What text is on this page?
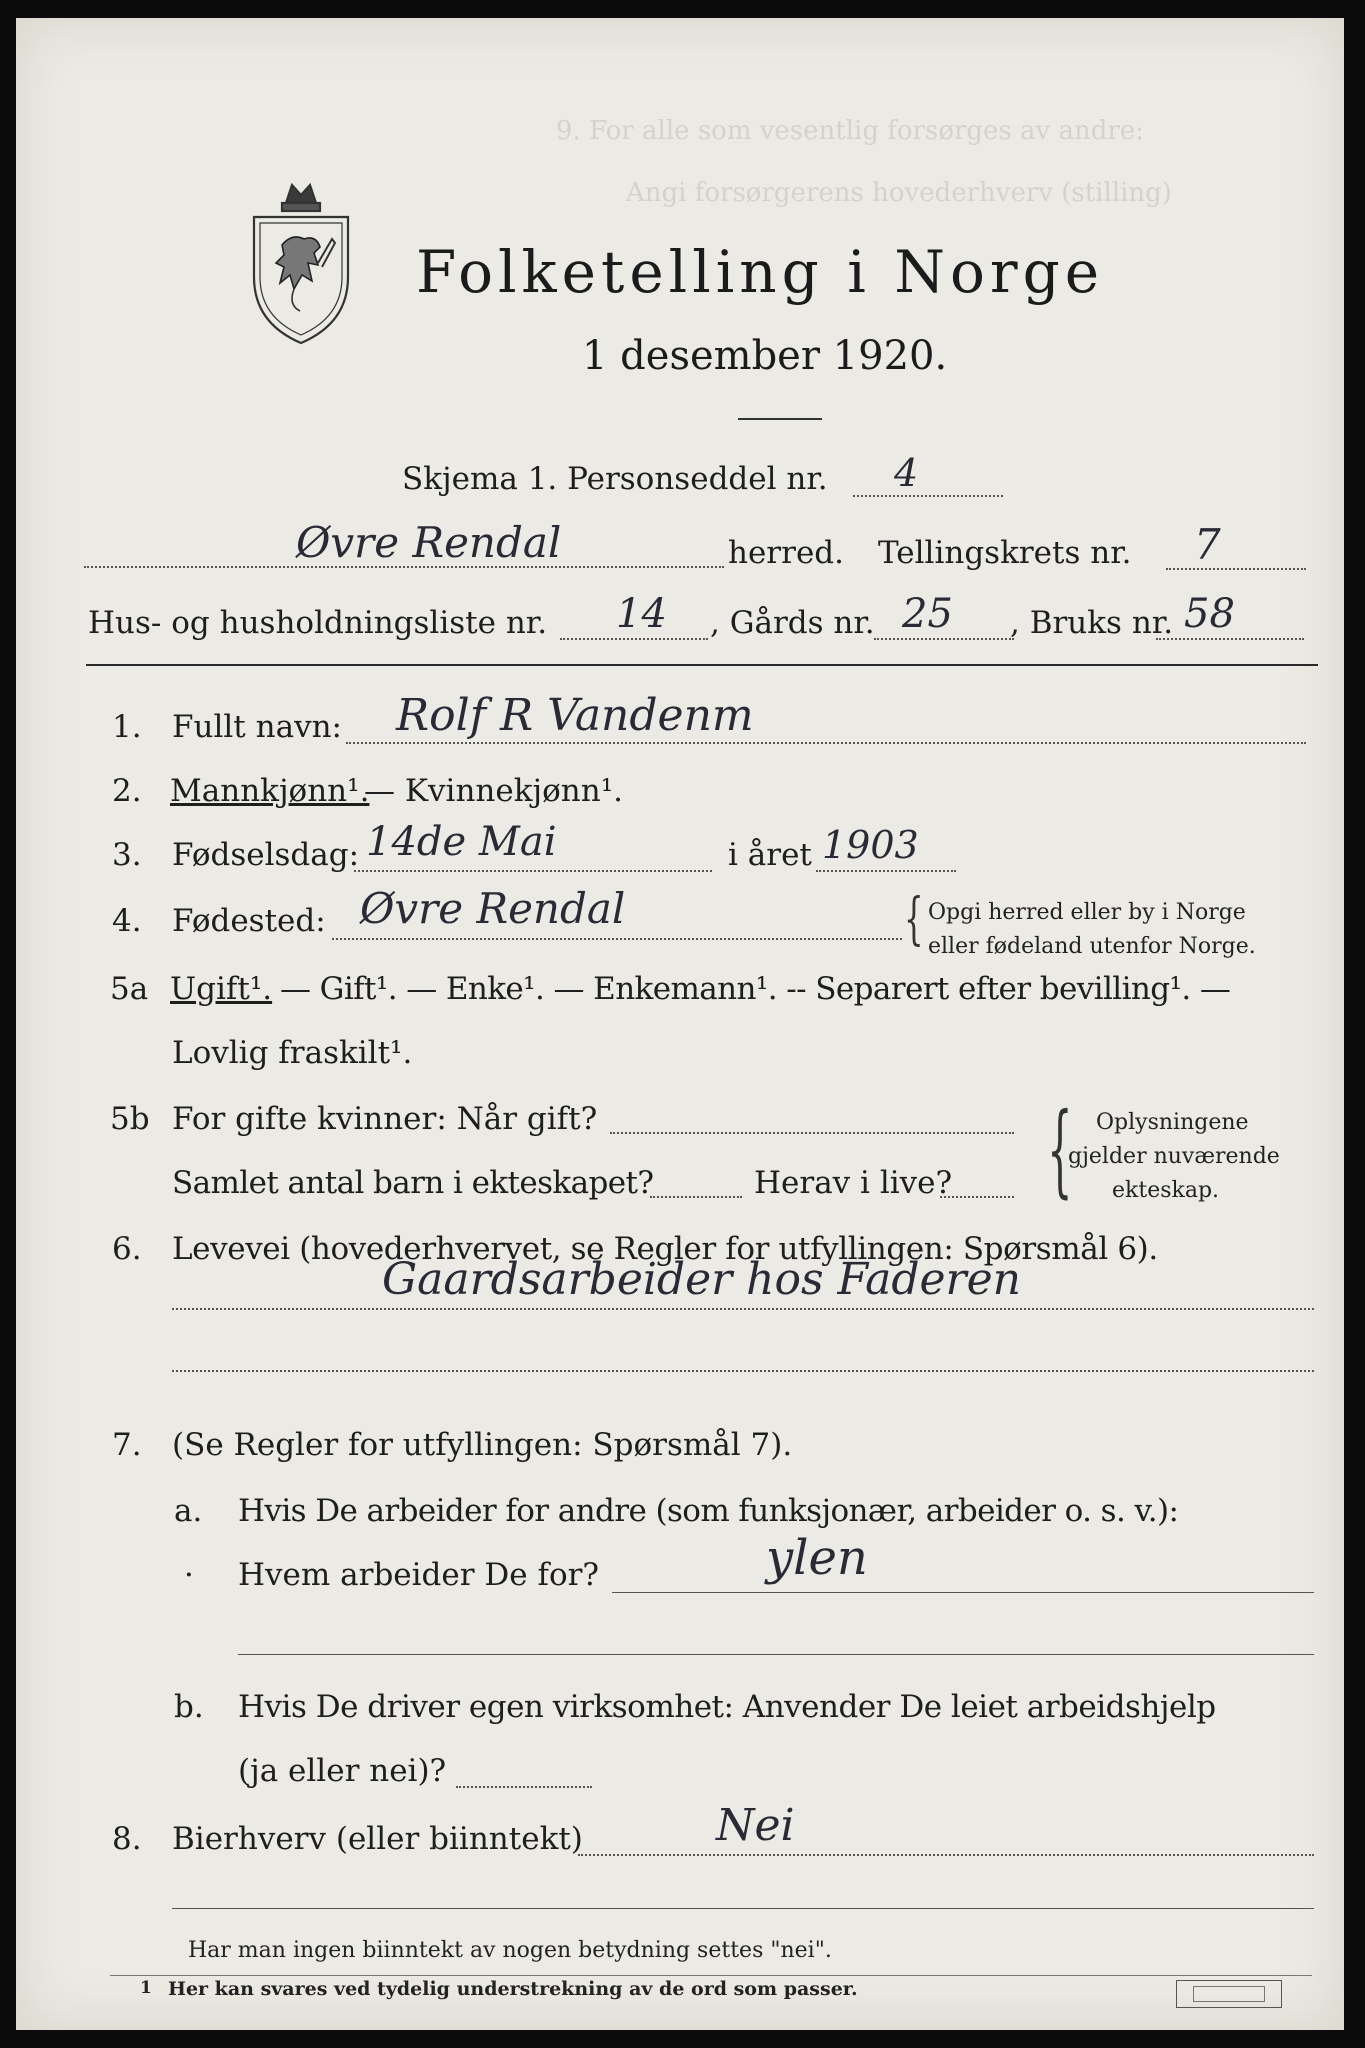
9. For alle som vesentlig forsørges av andre:
Angi forsørgerens hovederhverv (stilling)
Folketelling i Norge
1 desember 1920.
Skjema 1. Personseddel nr. 4
Øvre Rendal	herred. Tellingskrets nr. 7
Hus- og husholdningsliste nr. 14 , Gårds nr. 25 , Bruks nr. 58
1. Fullt navn: Rolf R Vandenm
2. Mannkjønn¹.
— Kvinnekjønn¹.
3. Fødselsdag: 14de Mai	i året 1903
4. Fødested: Øvre Rendal	{ Opgi herred eller by i Norge
eller fødeland utenfor Norge.
5a Ugift¹. — Gift¹. — Enke¹. — Enkemann¹. -- Separert efter bevilling¹. —
Lovlig fraskilt¹.
5b For gifte kvinner: Når gift?
Samlet antal barn i ekteskapet?	Herav i live? { Oplysningene
gjelder nuværende
ekteskap.
6. Levevei (hovederhvervet, se Regler for utfyllingen: Spørsmål 6).
Gaardsarbeider hos Faderen
7. (Se Regler for utfyllingen: Spørsmål 7).
a. Hvis De arbeider for andre (som funksjonær, arbeider o. s. v.):
· Hvem arbeider De for?	ylen
b. Hvis De driver egen virksomhet: Anvender De leiet arbeidshjelp
(ja eller nei)?
8. Bierhverv (eller biinntekt)	Nei
Har man ingen biinntekt av nogen betydning settes "nei".
1 Her kan svares ved tydelig understrekning av de ord som passer.
